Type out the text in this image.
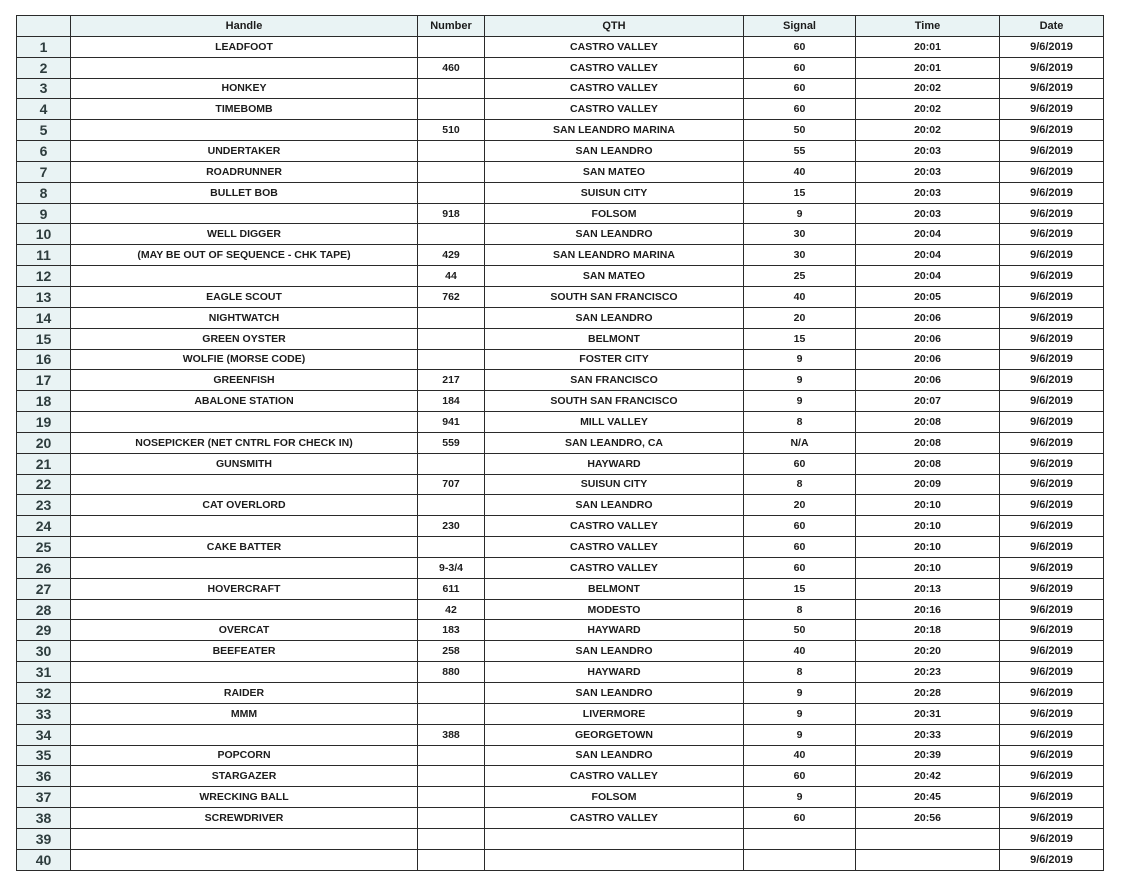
	Handle	Number	QTH	Signal	Time	Date
1	LEADFOOT		CASTRO VALLEY	60	20:01	9/6/2019
2		460	CASTRO VALLEY	60	20:01	9/6/2019
3	HONKEY		CASTRO VALLEY	60	20:02	9/6/2019
4	TIMEBOMB		CASTRO VALLEY	60	20:02	9/6/2019
5		510	SAN LEANDRO MARINA	50	20:02	9/6/2019
6	UNDERTAKER		SAN LEANDRO	55	20:03	9/6/2019
7	ROADRUNNER		SAN MATEO	40	20:03	9/6/2019
8	BULLET BOB		SUISUN CITY	15	20:03	9/6/2019
9		918	FOLSOM	9	20:03	9/6/2019
10	WELL DIGGER		SAN LEANDRO	30	20:04	9/6/2019
11	(MAY BE OUT OF SEQUENCE - CHK TAPE)	429	SAN LEANDRO MARINA	30	20:04	9/6/2019
12		44	SAN MATEO	25	20:04	9/6/2019
13	EAGLE SCOUT	762	SOUTH SAN FRANCISCO	40	20:05	9/6/2019
14	NIGHTWATCH		SAN LEANDRO	20	20:06	9/6/2019
15	GREEN OYSTER		BELMONT	15	20:06	9/6/2019
16	WOLFIE (MORSE CODE)		FOSTER CITY	9	20:06	9/6/2019
17	GREENFISH	217	SAN FRANCISCO	9	20:06	9/6/2019
18	ABALONE STATION	184	SOUTH SAN FRANCISCO	9	20:07	9/6/2019
19		941	MILL VALLEY	8	20:08	9/6/2019
20	NOSEPICKER (NET CNTRL FOR CHECK IN)	559	SAN LEANDRO, CA	N/A	20:08	9/6/2019
21	GUNSMITH		HAYWARD	60	20:08	9/6/2019
22		707	SUISUN CITY	8	20:09	9/6/2019
23	CAT OVERLORD		SAN LEANDRO	20	20:10	9/6/2019
24		230	CASTRO VALLEY	60	20:10	9/6/2019
25	CAKE BATTER		CASTRO VALLEY	60	20:10	9/6/2019
26		9-3/4	CASTRO VALLEY	60	20:10	9/6/2019
27	HOVERCRAFT	611	BELMONT	15	20:13	9/6/2019
28		42	MODESTO	8	20:16	9/6/2019
29	OVERCAT	183	HAYWARD	50	20:18	9/6/2019
30	BEEFEATER	258	SAN LEANDRO	40	20:20	9/6/2019
31		880	HAYWARD	8	20:23	9/6/2019
32	RAIDER		SAN LEANDRO	9	20:28	9/6/2019
33	MMM		LIVERMORE	9	20:31	9/6/2019
34		388	GEORGETOWN	9	20:33	9/6/2019
35	POPCORN		SAN LEANDRO	40	20:39	9/6/2019
36	STARGAZER		CASTRO VALLEY	60	20:42	9/6/2019
37	WRECKING BALL		FOLSOM	9	20:45	9/6/2019
38	SCREWDRIVER		CASTRO VALLEY	60	20:56	9/6/2019
39						9/6/2019
40						9/6/2019
